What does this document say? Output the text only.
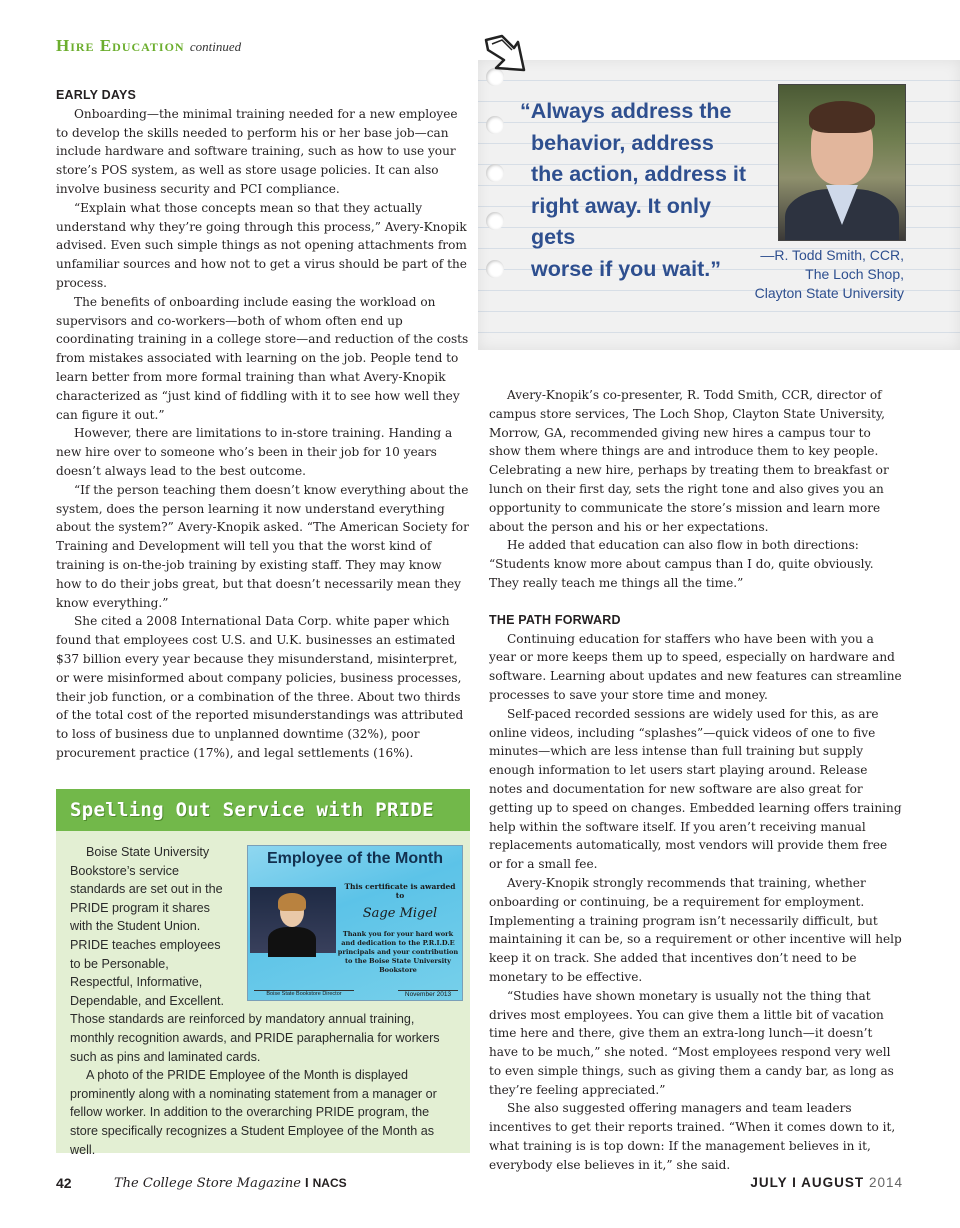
Hire Education continued
EARLY DAYS

Onboarding—the minimal training needed for a new employee to develop the skills needed to perform his or her base job—can include hardware and software training, such as how to use your store’s POS system, as well as store usage policies. It can also involve business security and PCI compliance.

“Explain what those concepts mean so that they actually understand why they’re going through this process,” Avery-Knopik advised. Even such simple things as not opening attachments from unfamiliar sources and how not to get a virus should be part of the process.

The benefits of onboarding include easing the workload on supervisors and co-workers—both of whom often end up coordinating training in a college store—and reduction of the costs from mistakes associated with learning on the job. People tend to learn better from more formal training than what Avery-Knopik characterized as “just kind of fiddling with it to see how well they can figure it out.”

However, there are limitations to in-store training. Handing a new hire over to someone who’s been in their job for 10 years doesn’t always lead to the best outcome.

“If the person teaching them doesn’t know everything about the system, does the person learning it now understand everything about the system?” Avery-Knopik asked. “The American Society for Training and Development will tell you that the worst kind of training is on-the-job training by existing staff. They may know how to do their jobs great, but that doesn’t necessarily mean they know everything.”

She cited a 2008 International Data Corp. white paper which found that employees cost U.S. and U.K. businesses an estimated $37 billion every year because they misunderstand, misinterpret, or were misinformed about company policies, business processes, their job function, or a combination of the three. About two thirds of the total cost of the reported misunderstandings was attributed to loss of business due to unplanned downtime (32%), poor procurement practice (17%), and legal settlements (16%).

“Always address the
behavior, address
the action, address it
right away. It only gets
worse if you wait.”
—R. Todd Smith, CCR,
The Loch Shop,
Clayton State University

Avery-Knopik’s co-presenter, R. Todd Smith, CCR, director of campus store services, The Loch Shop, Clayton State University, Morrow, GA, recommended giving new hires a campus tour to show them where things are and introduce them to key people. Celebrating a new hire, perhaps by treating them to breakfast or lunch on their first day, sets the right tone and also gives you an opportunity to communicate the store’s mission and learn more about the person and his or her expectations.

He added that education can also flow in both directions: “Students know more about campus than I do, quite obviously. They really teach me things all the time.”

THE PATH FORWARD

Continuing education for staffers who have been with you a year or more keeps them up to speed, especially on hardware and software. Learning about updates and new features can streamline processes to save your store time and money.

Self-paced recorded sessions are widely used for this, as are online videos, including “splashes”—quick videos of one to five minutes—which are less intense than full training but supply enough information to let users start playing around. Release notes and documentation for new software are also great for getting up to speed on changes. Embedded learning offers training help within the software itself. If you aren’t receiving manual replacements automatically, most vendors will provide them free or for a small fee.

Avery-Knopik strongly recommends that training, whether onboarding or continuing, be a requirement for employment. Implementing a training program isn’t necessarily difficult, but maintaining it can be, so a requirement or other incentive will help keep it on track. She added that incentives don’t need to be monetary to be effective.

“Studies have shown monetary is usually not the thing that drives most employees. You can give them a little bit of vacation time here and there, give them an extra-long lunch—it doesn’t have to be much,” she noted. “Most employees respond very well to even simple things, such as giving them a candy bar, as long as they’re feeling appreciated.”

She also suggested offering managers and team leaders incentives to get their reports trained. “When it comes down to it, what training is is top down: If the management believes in it, everybody else believes in it,” she said.

Spelling Out Service with PRIDE
Boise State University
Bookstore’s service
standards are set out in the
PRIDE program it shares
with the Student Union.
PRIDE teaches employees
to be Personable,
Respectful, Informative,
Dependable, and Excellent.

Those standards are reinforced by mandatory annual training, monthly recognition awards, and PRIDE paraphernalia for workers such as pins and laminated cards.

A photo of the PRIDE Employee of the Month is displayed prominently along with a nominating statement from a manager or fellow worker. In addition to the overarching PRIDE program, the store specifically recognizes a Student Employee of the Month as well.

Employee of the Month
This certificate is awarded to
Sage Migel
Thank you for your hard work and dedication to the P.R.I.D.E principals and your contribution to the Boise State University Bookstore
Boise State Bookstore Director	November 2013
42	The College Store Magazine I NACS	JULY I AUGUST 2014
